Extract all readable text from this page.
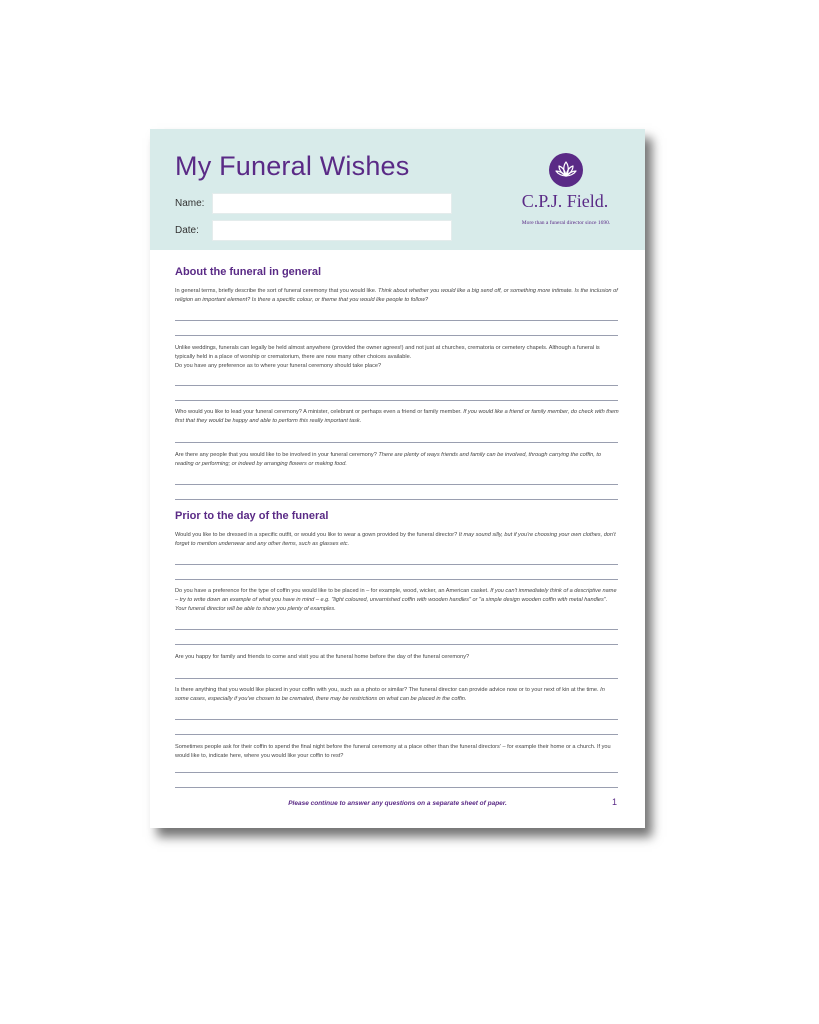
My Funeral Wishes
Name:
Date:
C.P.J. Field.
More than a funeral director since 1690.
About the funeral in general

In general terms, briefly describe the sort of funeral ceremony that you would like. Think about whether you would like a big send off, or something more intimate. Is the inclusion of religion an important element? Is there a specific colour, or theme that you would like people to follow?

Unlike weddings, funerals can legally be held almost anywhere (provided the owner agrees!) and not just at churches, crematoria or cemetery chapels. Although a funeral is typically held in a place of worship or crematorium, there are now many other choices available.
Do you have any preference as to where your funeral ceremony should take place?

Who would you like to lead your funeral ceremony? A minister, celebrant or perhaps even a friend or family member. If you would like a friend or family member, do check with them first that they would be happy and able to perform this really important task.

Are there any people that you would like to be involved in your funeral ceremony? There are plenty of ways friends and family can be involved, through carrying the coffin, to reading or performing; or indeed by arranging flowers or making food.

Prior to the day of the funeral

Would you like to be dressed in a specific outfit, or would you like to wear a gown provided by the funeral director? It may sound silly, but if you're choosing your own clothes, don't forget to mention underwear and any other items, such as glasses etc.

Do you have a preference for the type of coffin you would like to be placed in – for example, wood, wicker, an American casket. If you can't immediately think of a descriptive name – try to write down an example of what you have in mind – e.g. "light coloured, unvarnished coffin with wooden handles" or "a simple design wooden coffin with metal handles". Your funeral director will be able to show you plenty of examples.

Are you happy for family and friends to come and visit you at the funeral home before the day of the funeral ceremony?

Is there anything that you would like placed in your coffin with you, such as a photo or similar? The funeral director can provide advice now or to your next of kin at the time. In some cases, especially if you've chosen to be cremated, there may be restrictions on what can be placed in the coffin.

Sometimes people ask for their coffin to spend the final night before the funeral ceremony at a place other than the funeral directors' – for example their home or a church. If you would like to, indicate here, where you would like your coffin to rest?

Please continue to answer any questions on a separate sheet of paper.	1
